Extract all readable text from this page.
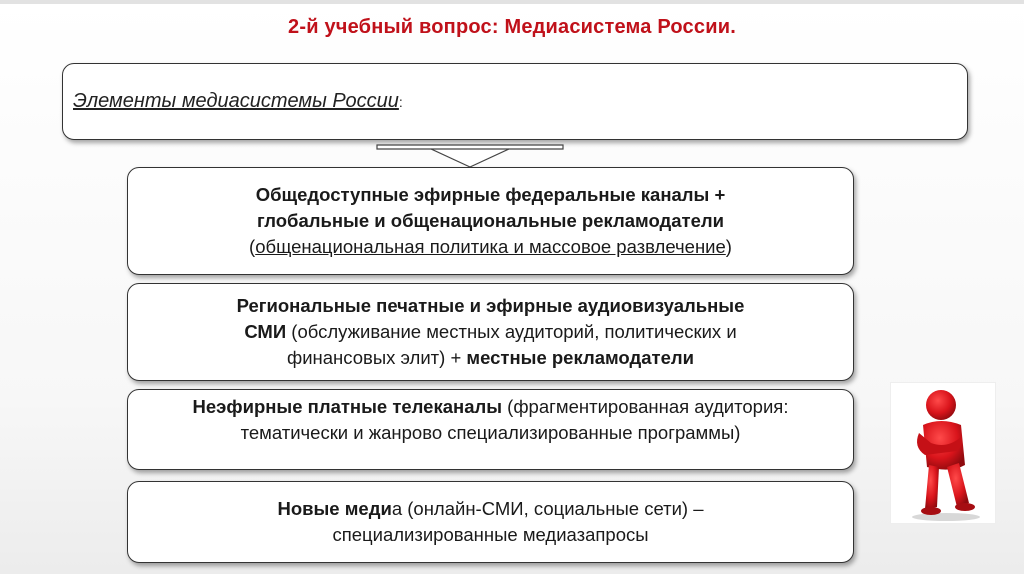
2-й учебный вопрос: Медиасистема России.
Элементы медиасистемы России:
Общедоступные эфирные федеральные каналы +
глобальные и общенациональные рекламодатели
(общенациональная политика и массовое развлечение)
Региональные печатные и эфирные аудиовизуальные
СМИ (обслуживание местных аудиторий, политических и
финансовых элит) + местные рекламодатели
Неэфирные платные телеканалы (фрагментированная аудитория: тематически и жанрово специализированные программы)
Новые медиа (онлайн-СМИ, социальные сети) –
специализированные медиазапросы
